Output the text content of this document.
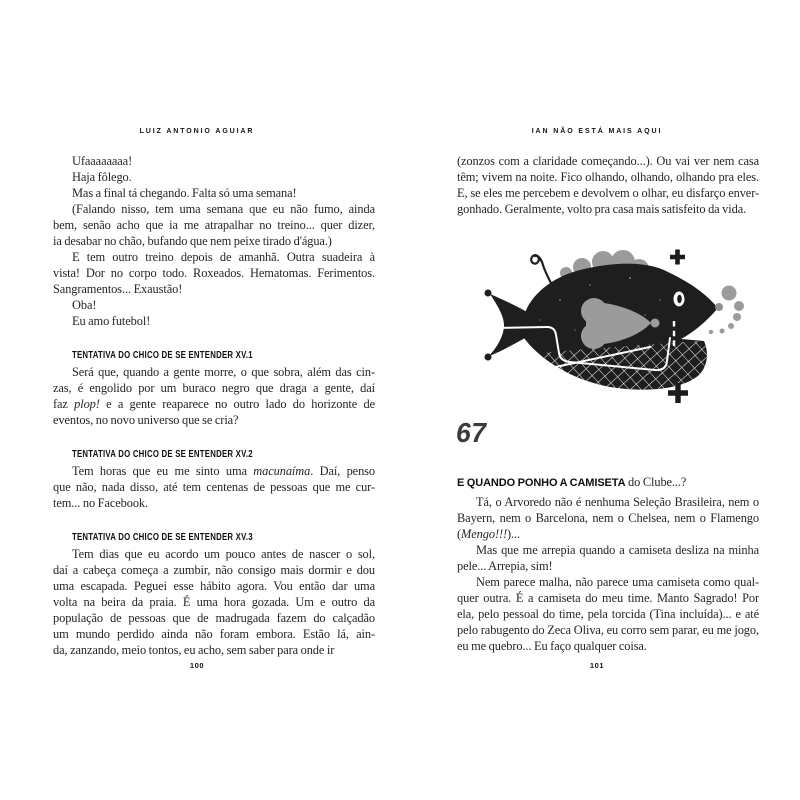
LUIZ ANTONIO AGUIAR
Ufaaaaaaaa!
Haja fôlego.
Mas a final tá chegando. Falta só uma semana!
(Falando nisso, tem uma semana que eu não fumo, ainda
bem, senão acho que ia me atrapalhar no treino... quer dizer,
ia desabar no chão, bufando que nem peixe tirado d'água.)
E tem outro treino depois de amanhã. Outra suadeira à
vista! Dor no corpo todo. Roxeados. Hematomas. Ferimentos.
Sangramentos... Exaustão!
Oba!
Eu amo futebol!
TENTATIVA DO CHICO DE SE ENTENDER XV.1
Será que, quando a gente morre, o que sobra, além das cin-
zas, é engolido por um buraco negro que draga a gente, daí
faz plop! e a gente reaparece no outro lado do horizonte de
eventos, no novo universo que se cria?
TENTATIVA DO CHICO DE SE ENTENDER XV.2
Tem horas que eu me sinto uma macunaíma. Daí, penso
que não, nada disso, até tem centenas de pessoas que me cur-
tem... no Facebook.
TENTATIVA DO CHICO DE SE ENTENDER XV.3
Tem dias que eu acordo um pouco antes de nascer o sol,
daí a cabeça começa a zumbir, não consigo mais dormir e dou
uma escapada. Peguei esse hábito agora. Vou então dar uma
volta na beira da praia. É uma hora gozada. Um e outro da
população de pessoas que de madrugada fazem do calçadão
um mundo perdido ainda não foram embora. Estão lá, ain-
da, zanzando, meio tontos, eu acho, sem saber para onde ir
100
IAN NÃO ESTÁ MAIS AQUI
(zonzos com a claridade começando...). Ou vai ver nem casa
têm; vivem na noite. Fico olhando, olhando, olhando pra eles.
E, se eles me percebem e devolvem o olhar, eu disfarço enver-
gonhado. Geralmente, volto pra casa mais satisfeito da vida.
67
E QUANDO PONHO A CAMISETA do Clube...?
Tá, o Arvoredo não é nenhuma Seleção Brasileira, nem o
Bayern, nem o Barcelona, nem o Chelsea, nem o Flamengo
(Mengo!!!)...
Mas que me arrepia quando a camiseta desliza na minha
pele... Arrepia, sim!
Nem parece malha, não parece uma camiseta como qual-
quer outra. É a camiseta do meu time. Manto Sagrado! Por
ela, pelo pessoal do time, pela torcida (Tina incluída)... e até
pelo rabugento do Zeca Oliva, eu corro sem parar, eu me jogo,
eu me quebro... Eu faço qualquer coisa.
101
